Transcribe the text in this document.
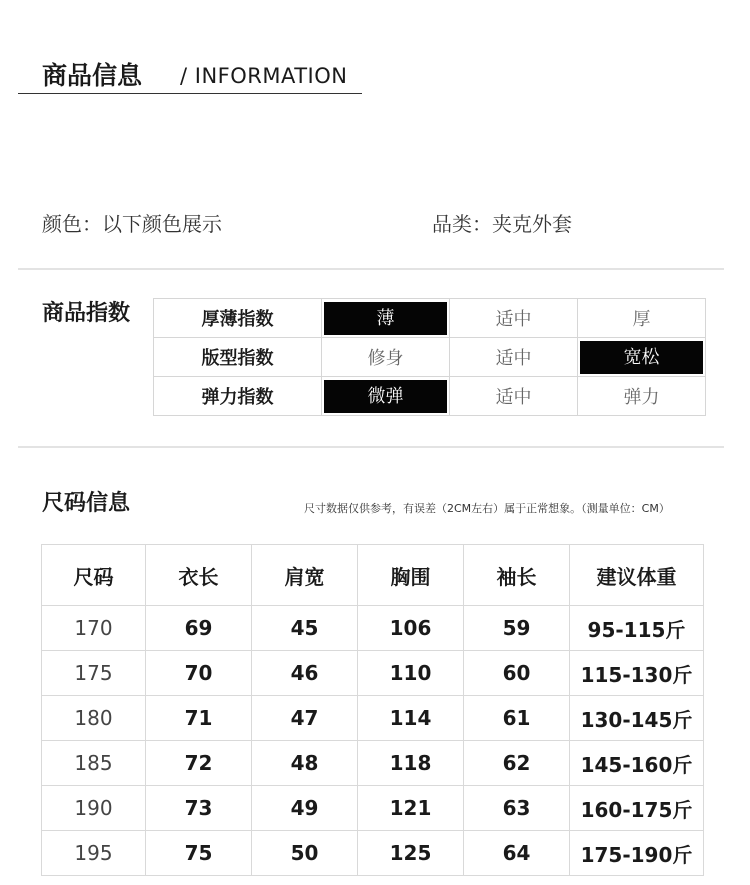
商品信息 / INFORMATION
颜色：以下颜色展示	品类：夹克外套
商品指数	厚薄指数	薄	适中	厚
版型指数	修身	适中	宽松

弹力指数	微弹	适中	弹力
尺码信息	尺寸数据仅供参考，有误差（2CM左右）属于正常想象。（测量单位：CM）
尺码	衣长	肩宽	胸围	袖长	建议体重
170	69	45	106	59	95-115斤
175	70	46	110	60	115-130斤
180	71	47	114	61	130-145斤
185	72	48	118	62	145-160斤
190	73	49	121	63	160-175斤
195	75	50	125	64	175-190斤
